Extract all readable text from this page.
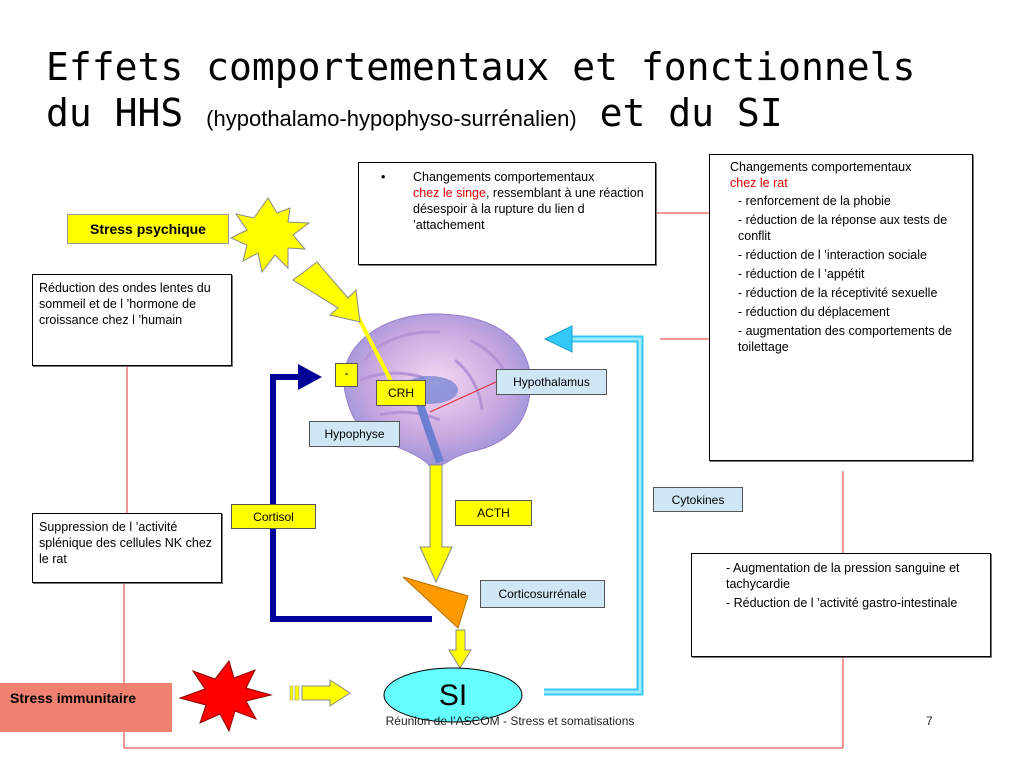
Effets comportementaux et fonctionnels
du HHS (hypothalamo-hypophyso-surrénalien) et du SI
Stress psychique
Réduction des ondes lentes du sommeil et de l ’hormone de croissance chez l ’humain
Suppression de l ’activité splénique des cellules NK chez le rat
• Changements comportementaux
chez le singe, ressemblant à une réaction désespoir à la rupture du lien d ’attachement
Changements comportementaux
chez le rat
- renforcement de la phobie
- réduction de la réponse aux tests de conflit
- réduction de l ’interaction sociale
- réduction de l ’appétit
- réduction de la réceptivité sexuelle
- réduction du déplacement
- augmentation des comportements de toilettage
- Augmentation de la pression sanguine et tachycardie
- Réduction de l ’activité gastro-intestinale
-
CRH
Hypothalamus
Hypophyse
Cortisol	ACTH
Cytokines
Corticosurrénale
SI
Stress immunitaire
Réunion de l’ASCOM - Stress et somatisations	7
